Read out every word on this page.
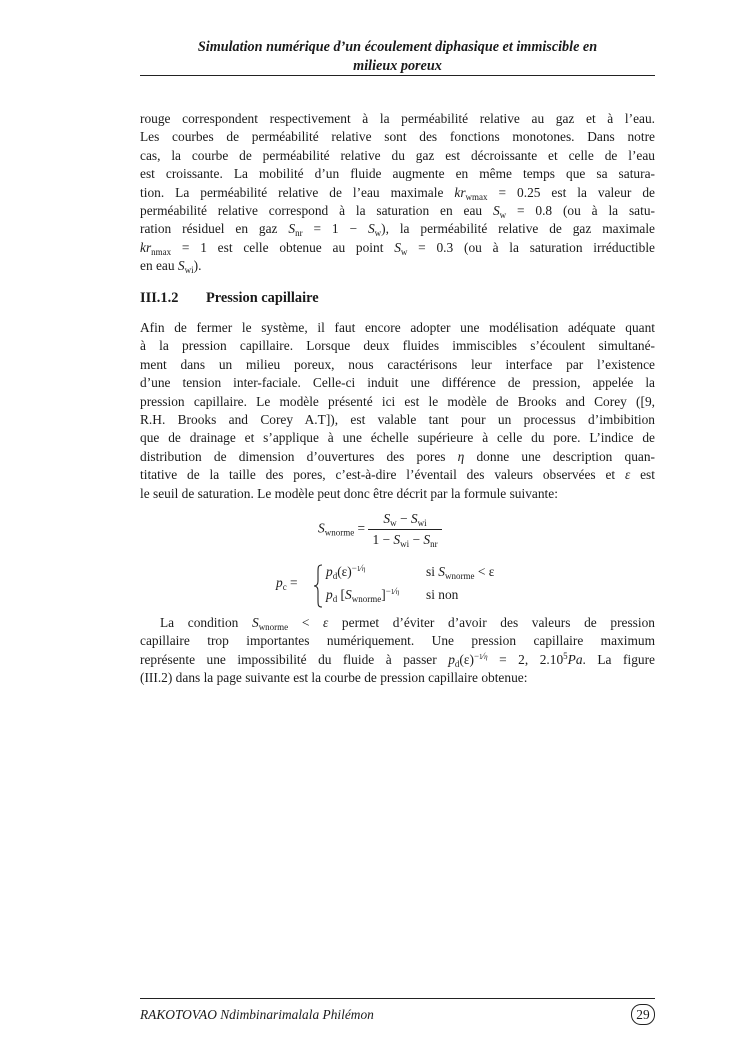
Simulation numérique d’un écoulement diphasique et immiscible en
milieux poreux
rouge correspondent respectivement à la perméabilité relative au gaz et à l’eau.
Les courbes de perméabilité relative sont des fonctions monotones. Dans notre
cas, la courbe de perméabilité relative du gaz est décroissante et celle de l’eau
est croissante. La mobilité d’un fluide augmente en même temps que sa satura-
tion. La perméabilité relative de l’eau maximale $kr_{wmax} = 0.25$ est la valeur de
perméabilité relative correspond à la saturation en eau $S_w = 0.8$ (ou à la satu-
ration résiduel en gaz $S_{nr} = 1 - S_w$), la perméabilité relative de gaz maximale
$kr_{nmax} = 1$ est celle obtenue au point $S_w = 0.3$ (ou à la saturation irréductible
en eau $S_{wi}$).
III.1.2 Pression capillaire
Afin de fermer le système, il faut encore adopter une modélisation adéquate quant
à la pression capillaire. Lorsque deux fluides immiscibles s’écoulent simultané-
ment dans un milieu poreux, nous caractérisons leur interface par l’existence
d’une tension inter-faciale. Celle-ci induit une différence de pression, appelée la
pression capillaire. Le modèle présenté ici est le modèle de Brooks and Corey ([9,
R.H. Brooks and Corey A.T]), est valable tant pour un processus d’imbibition
que de drainage et s’applique à une échelle supérieure à celle du pore. L’indice de
distribution de dimension d’ouvertures des pores η donne une description quan-
titative de la taille des pores, c’est-à-dire l’éventail des valeurs observées et ε est
le seuil de saturation. Le modèle peut donc être décrit par la formule suivante:
$S_{wnorme} = \frac{S_w - S_{wi}}{1 - S_{wi} - S_{nr}}$
$p_c$ =
$p_d(\varepsilon)^{-1⁄\eta}$	si $S_{wnorme} < \varepsilon$
$p_d$ $[S_{wnorme}]^{-1⁄\eta}$ si non
La condition $S_{wnorme} < \varepsilon$ permet d’éviter d’avoir des valeurs de pression
capillaire trop importantes numériquement. Une pression capillaire maximum
représente une impossibilité du fluide à passer $p_d(\varepsilon)^{-1⁄\eta} = 2$, 2.10$^5$Pa. La figure
(III.2) dans la page suivante est la courbe de pression capillaire obtenue:
RAKOTOVAO Ndimbinarimalala Philémon	29
